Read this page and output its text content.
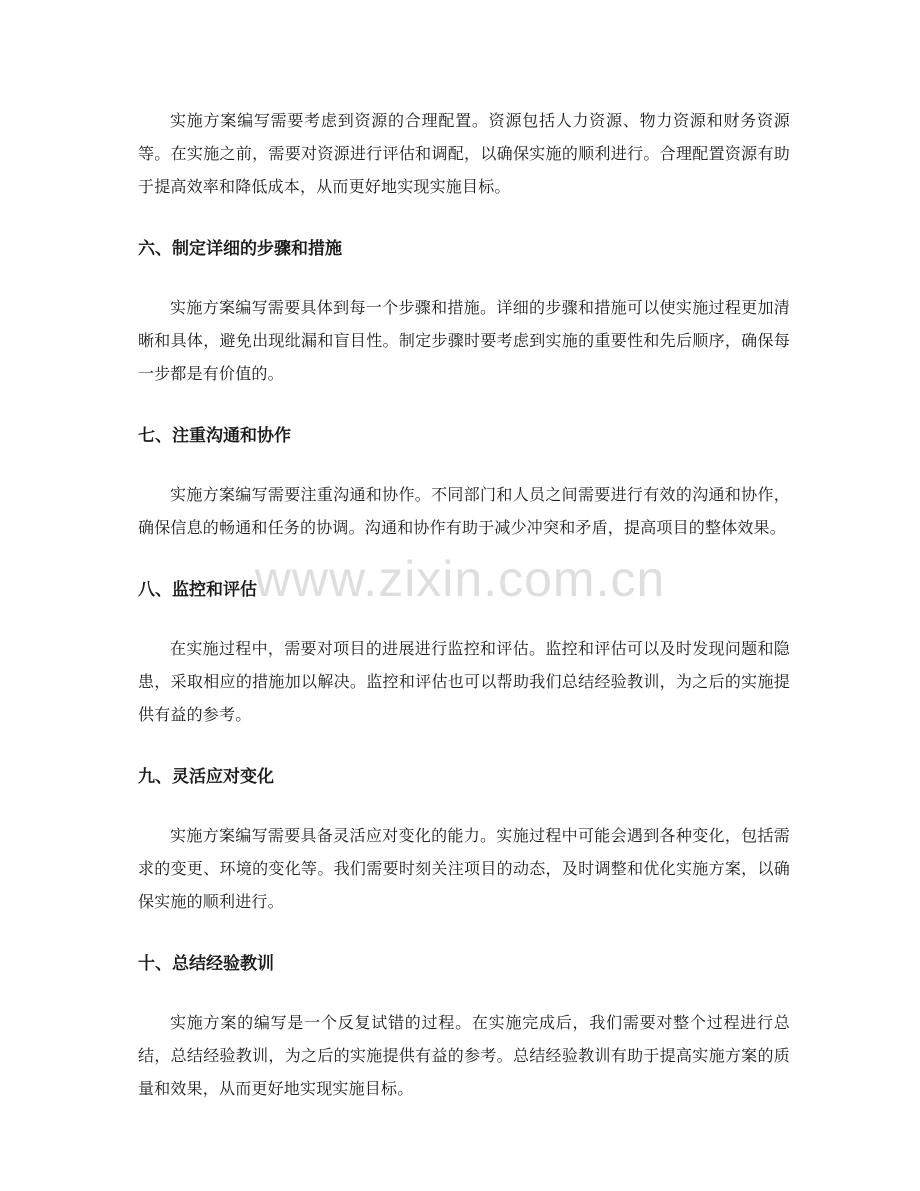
实施方案编写需要考虑到资源的合理配置。资源包括人力资源、物力资源和财务资源等。在实施之前，需要对资源进行评估和调配，以确保实施的顺利进行。合理配置资源有助于提高效率和降低成本，从而更好地实现实施目标。

六、制定详细的步骤和措施

实施方案编写需要具体到每一个步骤和措施。详细的步骤和措施可以使实施过程更加清晰和具体，避免出现纰漏和盲目性。制定步骤时要考虑到实施的重要性和先后顺序，确保每一步都是有价值的。

七、注重沟通和协作

实施方案编写需要注重沟通和协作。不同部门和人员之间需要进行有效的沟通和协作，确保信息的畅通和任务的协调。沟通和协作有助于减少冲突和矛盾，提高项目的整体效果。

八、监控和评估

在实施过程中，需要对项目的进展进行监控和评估。监控和评估可以及时发现问题和隐患，采取相应的措施加以解决。监控和评估也可以帮助我们总结经验教训，为之后的实施提供有益的参考。

九、灵活应对变化

实施方案编写需要具备灵活应对变化的能力。实施过程中可能会遇到各种变化，包括需求的变更、环境的变化等。我们需要时刻关注项目的动态，及时调整和优化实施方案，以确保实施的顺利进行。

十、总结经验教训

实施方案的编写是一个反复试错的过程。在实施完成后，我们需要对整个过程进行总结，总结经验教训，为之后的实施提供有益的参考。总结经验教训有助于提高实施方案的质量和效果，从而更好地实现实施目标。

www.zixin.com.cn
